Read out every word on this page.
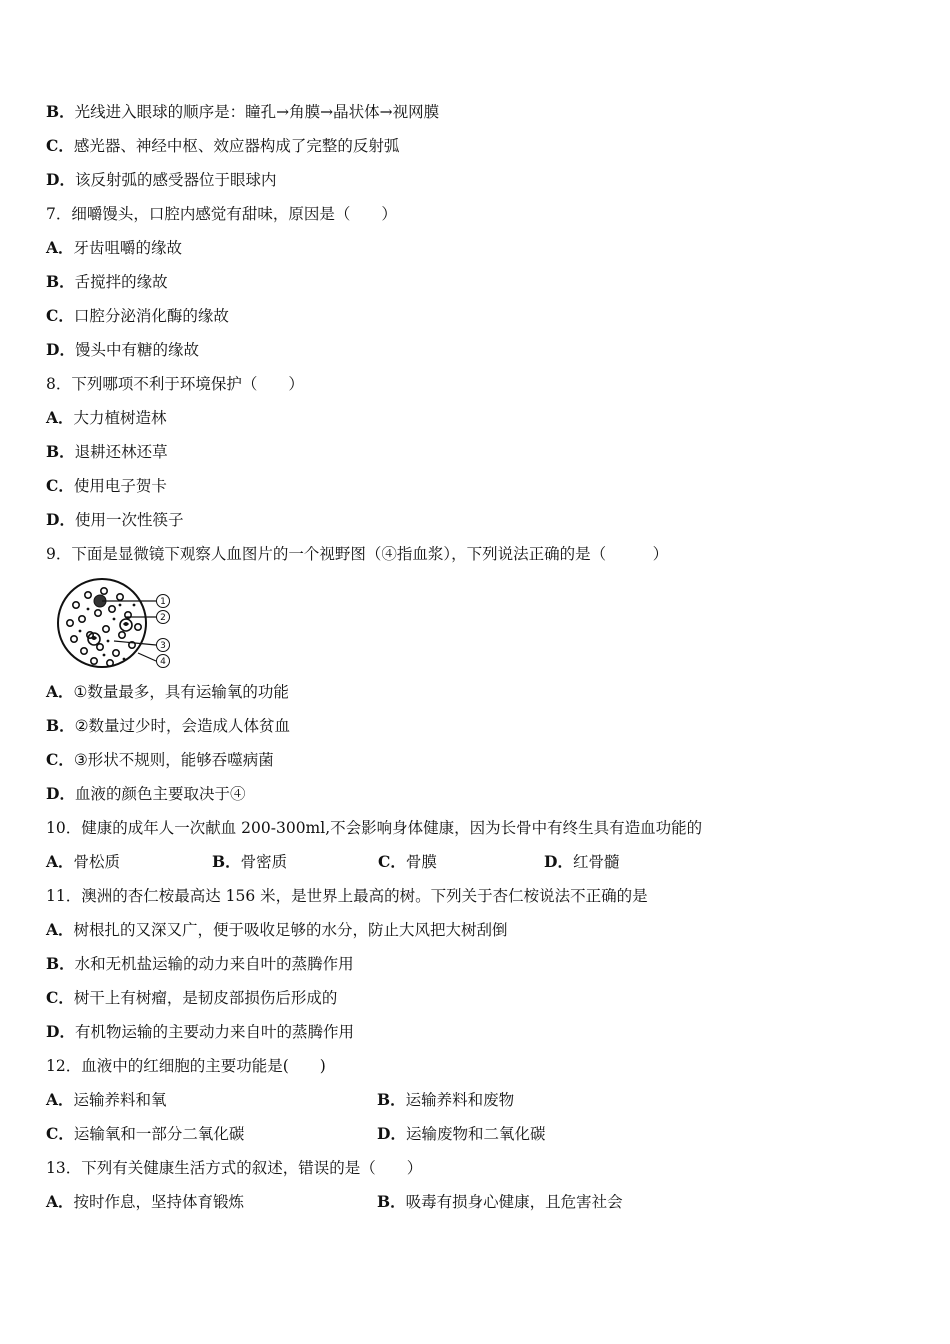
B．光线进入眼球的顺序是：瞳孔→角膜→晶状体→视网膜
C．感光器、神经中枢、效应器构成了完整的反射弧
D．该反射弧的感受器位于眼球内
7．细嚼馒头，口腔内感觉有甜味，原因是（　　）
A．牙齿咀嚼的缘故
B．舌搅拌的缘故
C．口腔分泌消化酶的缘故
D．馒头中有糖的缘故
8．下列哪项不利于环境保护（　　）
A．大力植树造林
B．退耕还林还草
C．使用电子贺卡
D．使用一次性筷子
9．下面是显微镜下观察人血图片的一个视野图（④指血浆），下列说法正确的是（　　　）
1
2
3
4
A．①数量最多，具有运输氧的功能
B．②数量过少时，会造成人体贫血
C．③形状不规则，能够吞噬病菌
D．血液的颜色主要取决于④
10．健康的成年人一次献血 200-300ml,不会影响身体健康，因为长骨中有终生具有造血功能的
A．骨松质	B．骨密质	C．骨膜	D．红骨髓
11．澳洲的杏仁桉最高达 156 米，是世界上最高的树。下列关于杏仁桉说法不正确的是
A．树根扎的又深又广，便于吸收足够的水分，防止大风把大树刮倒
B．水和无机盐运输的动力来自叶的蒸腾作用
C．树干上有树瘤，是韧皮部损伤后形成的
D．有机物运输的主要动力来自叶的蒸腾作用
12．血液中的红细胞的主要功能是(　　)
A．运输养料和氧	B．运输养料和废物
C．运输氧和一部分二氧化碳	D．运输废物和二氧化碳
13．下列有关健康生活方式的叙述，错误的是（　　）
A．按时作息，坚持体育锻炼	B．吸毒有损身心健康，且危害社会
